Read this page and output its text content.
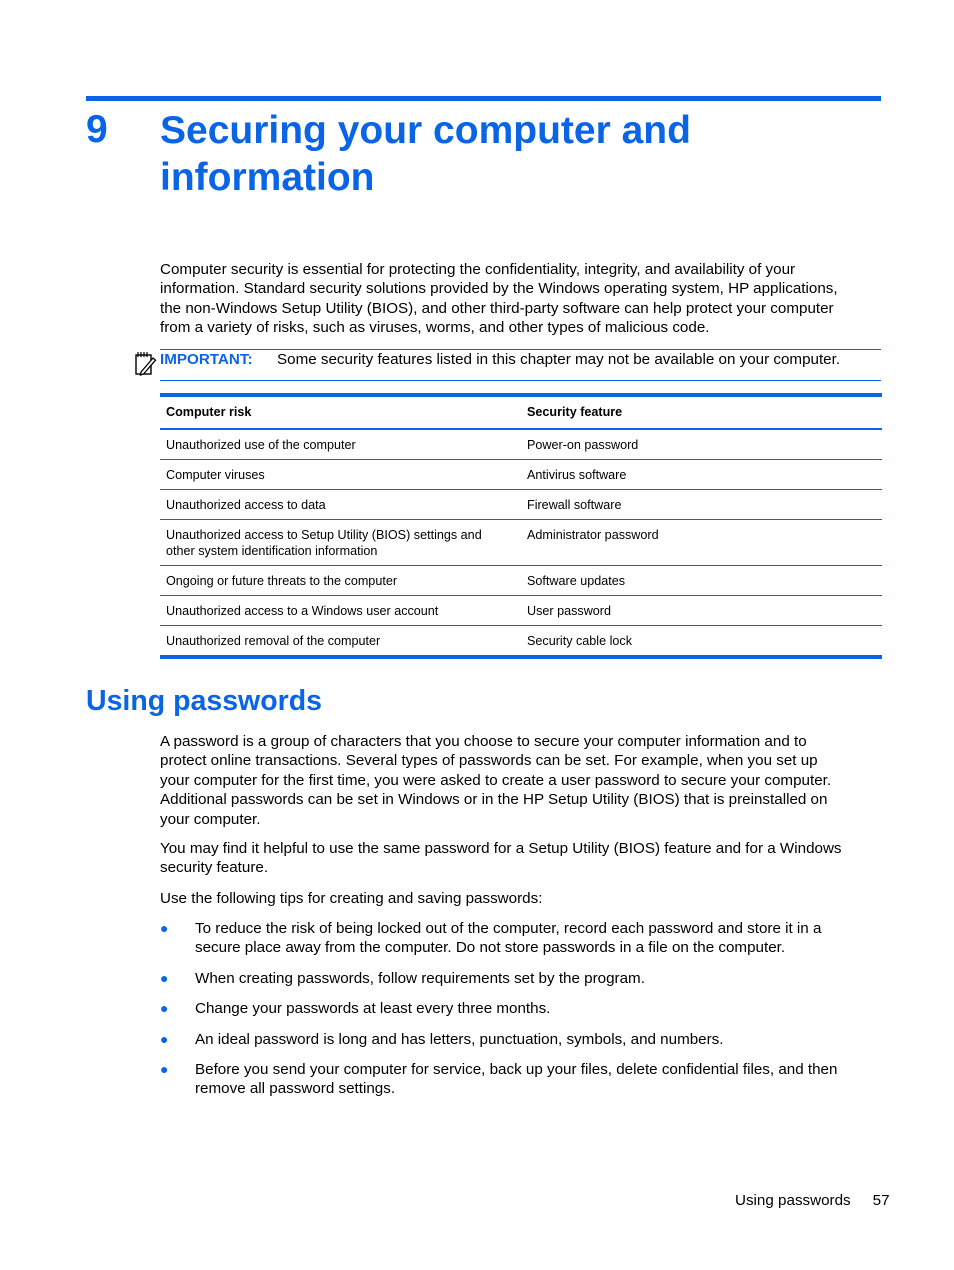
9 Securing your computer and
information
Computer security is essential for protecting the confidentiality, integrity, and availability of your
information. Standard security solutions provided by the Windows operating system, HP applications,
the non-Windows Setup Utility (BIOS), and other third-party software can help protect your computer
from a variety of risks, such as viruses, worms, and other types of malicious code.
IMPORTANT: Some security features listed in this chapter may not be available on your computer.
Computer risk	Security feature
Unauthorized use of the computer	Power-on password
Computer viruses	Antivirus software
Unauthorized access to data	Firewall software

Unauthorized access to Setup Utility (BIOS) settings and
other system identification information	Administrator password
Ongoing or future threats to the computer	Software updates
Unauthorized access to a Windows user account	User password
Unauthorized removal of the computer	Security cable lock
Using passwords
A password is a group of characters that you choose to secure your computer information and to
protect online transactions. Several types of passwords can be set. For example, when you set up
your computer for the first time, you were asked to create a user password to secure your computer.
Additional passwords can be set in Windows or in the HP Setup Utility (BIOS) that is preinstalled on
your computer.
You may find it helpful to use the same password for a Setup Utility (BIOS) feature and for a Windows
security feature.
Use the following tips for creating and saving passwords:
● To reduce the risk of being locked out of the computer, record each password and store it in a
secure place away from the computer. Do not store passwords in a file on the computer.
● When creating passwords, follow requirements set by the program.
● Change your passwords at least every three months.
● An ideal password is long and has letters, punctuation, symbols, and numbers.
● Before you send your computer for service, back up your files, delete confidential files, and then
remove all password settings.
Using passwords 57
